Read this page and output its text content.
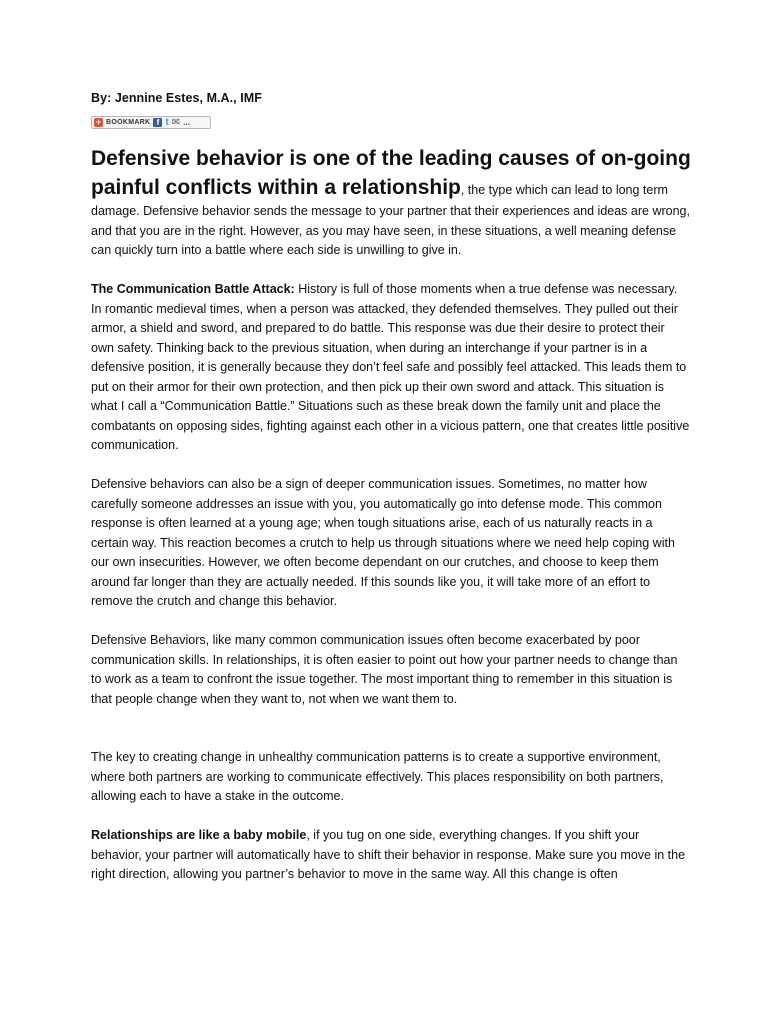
By: Jennine Estes, M.A., IMF

+ BOOKMARK f t ✉ ...
Defensive behavior is one of the leading causes of on-going painful conflicts within a relationship, the type which can lead to long term damage. Defensive behavior sends the message to your partner that their experiences and ideas are wrong, and that you are in the right. However, as you may have seen, in these situations, a well meaning defense can quickly turn into a battle where each side is unwilling to give in.

The Communication Battle Attack: History is full of those moments when a true defense was necessary. In romantic medieval times, when a person was attacked, they defended themselves. They pulled out their armor, a shield and sword, and prepared to do battle. This response was due their desire to protect their own safety. Thinking back to the previous situation, when during an interchange if your partner is in a defensive position, it is generally because they don’t feel safe and possibly feel attacked. This leads them to put on their armor for their own protection, and then pick up their own sword and attack. This situation is what I call a “Communication Battle.” Situations such as these break down the family unit and place the combatants on opposing sides, fighting against each other in a vicious pattern, one that creates little positive communication.

Defensive behaviors can also be a sign of deeper communication issues. Sometimes, no matter how carefully someone addresses an issue with you, you automatically go into defense mode. This common response is often learned at a young age; when tough situations arise, each of us naturally reacts in a certain way. This reaction becomes a crutch to help us through situations where we need help coping with our own insecurities. However, we often become dependant on our crutches, and choose to keep them around far longer than they are actually needed. If this sounds like you, it will take more of an effort to remove the crutch and change this behavior.

Defensive Behaviors, like many common communication issues often become exacerbated by poor communication skills. In relationships, it is often easier to point out how your partner needs to change than to work as a team to confront the issue together. The most important thing to remember in this situation is that people change when they want to, not when we want them to.

The key to creating change in unhealthy communication patterns is to create a supportive environment, where both partners are working to communicate effectively. This places responsibility on both partners, allowing each to have a stake in the outcome.

Relationships are like a baby mobile, if you tug on one side, everything changes. If you shift your behavior, your partner will automatically have to shift their behavior in response. Make sure you move in the right direction, allowing you partner’s behavior to move in the same way. All this change is often
